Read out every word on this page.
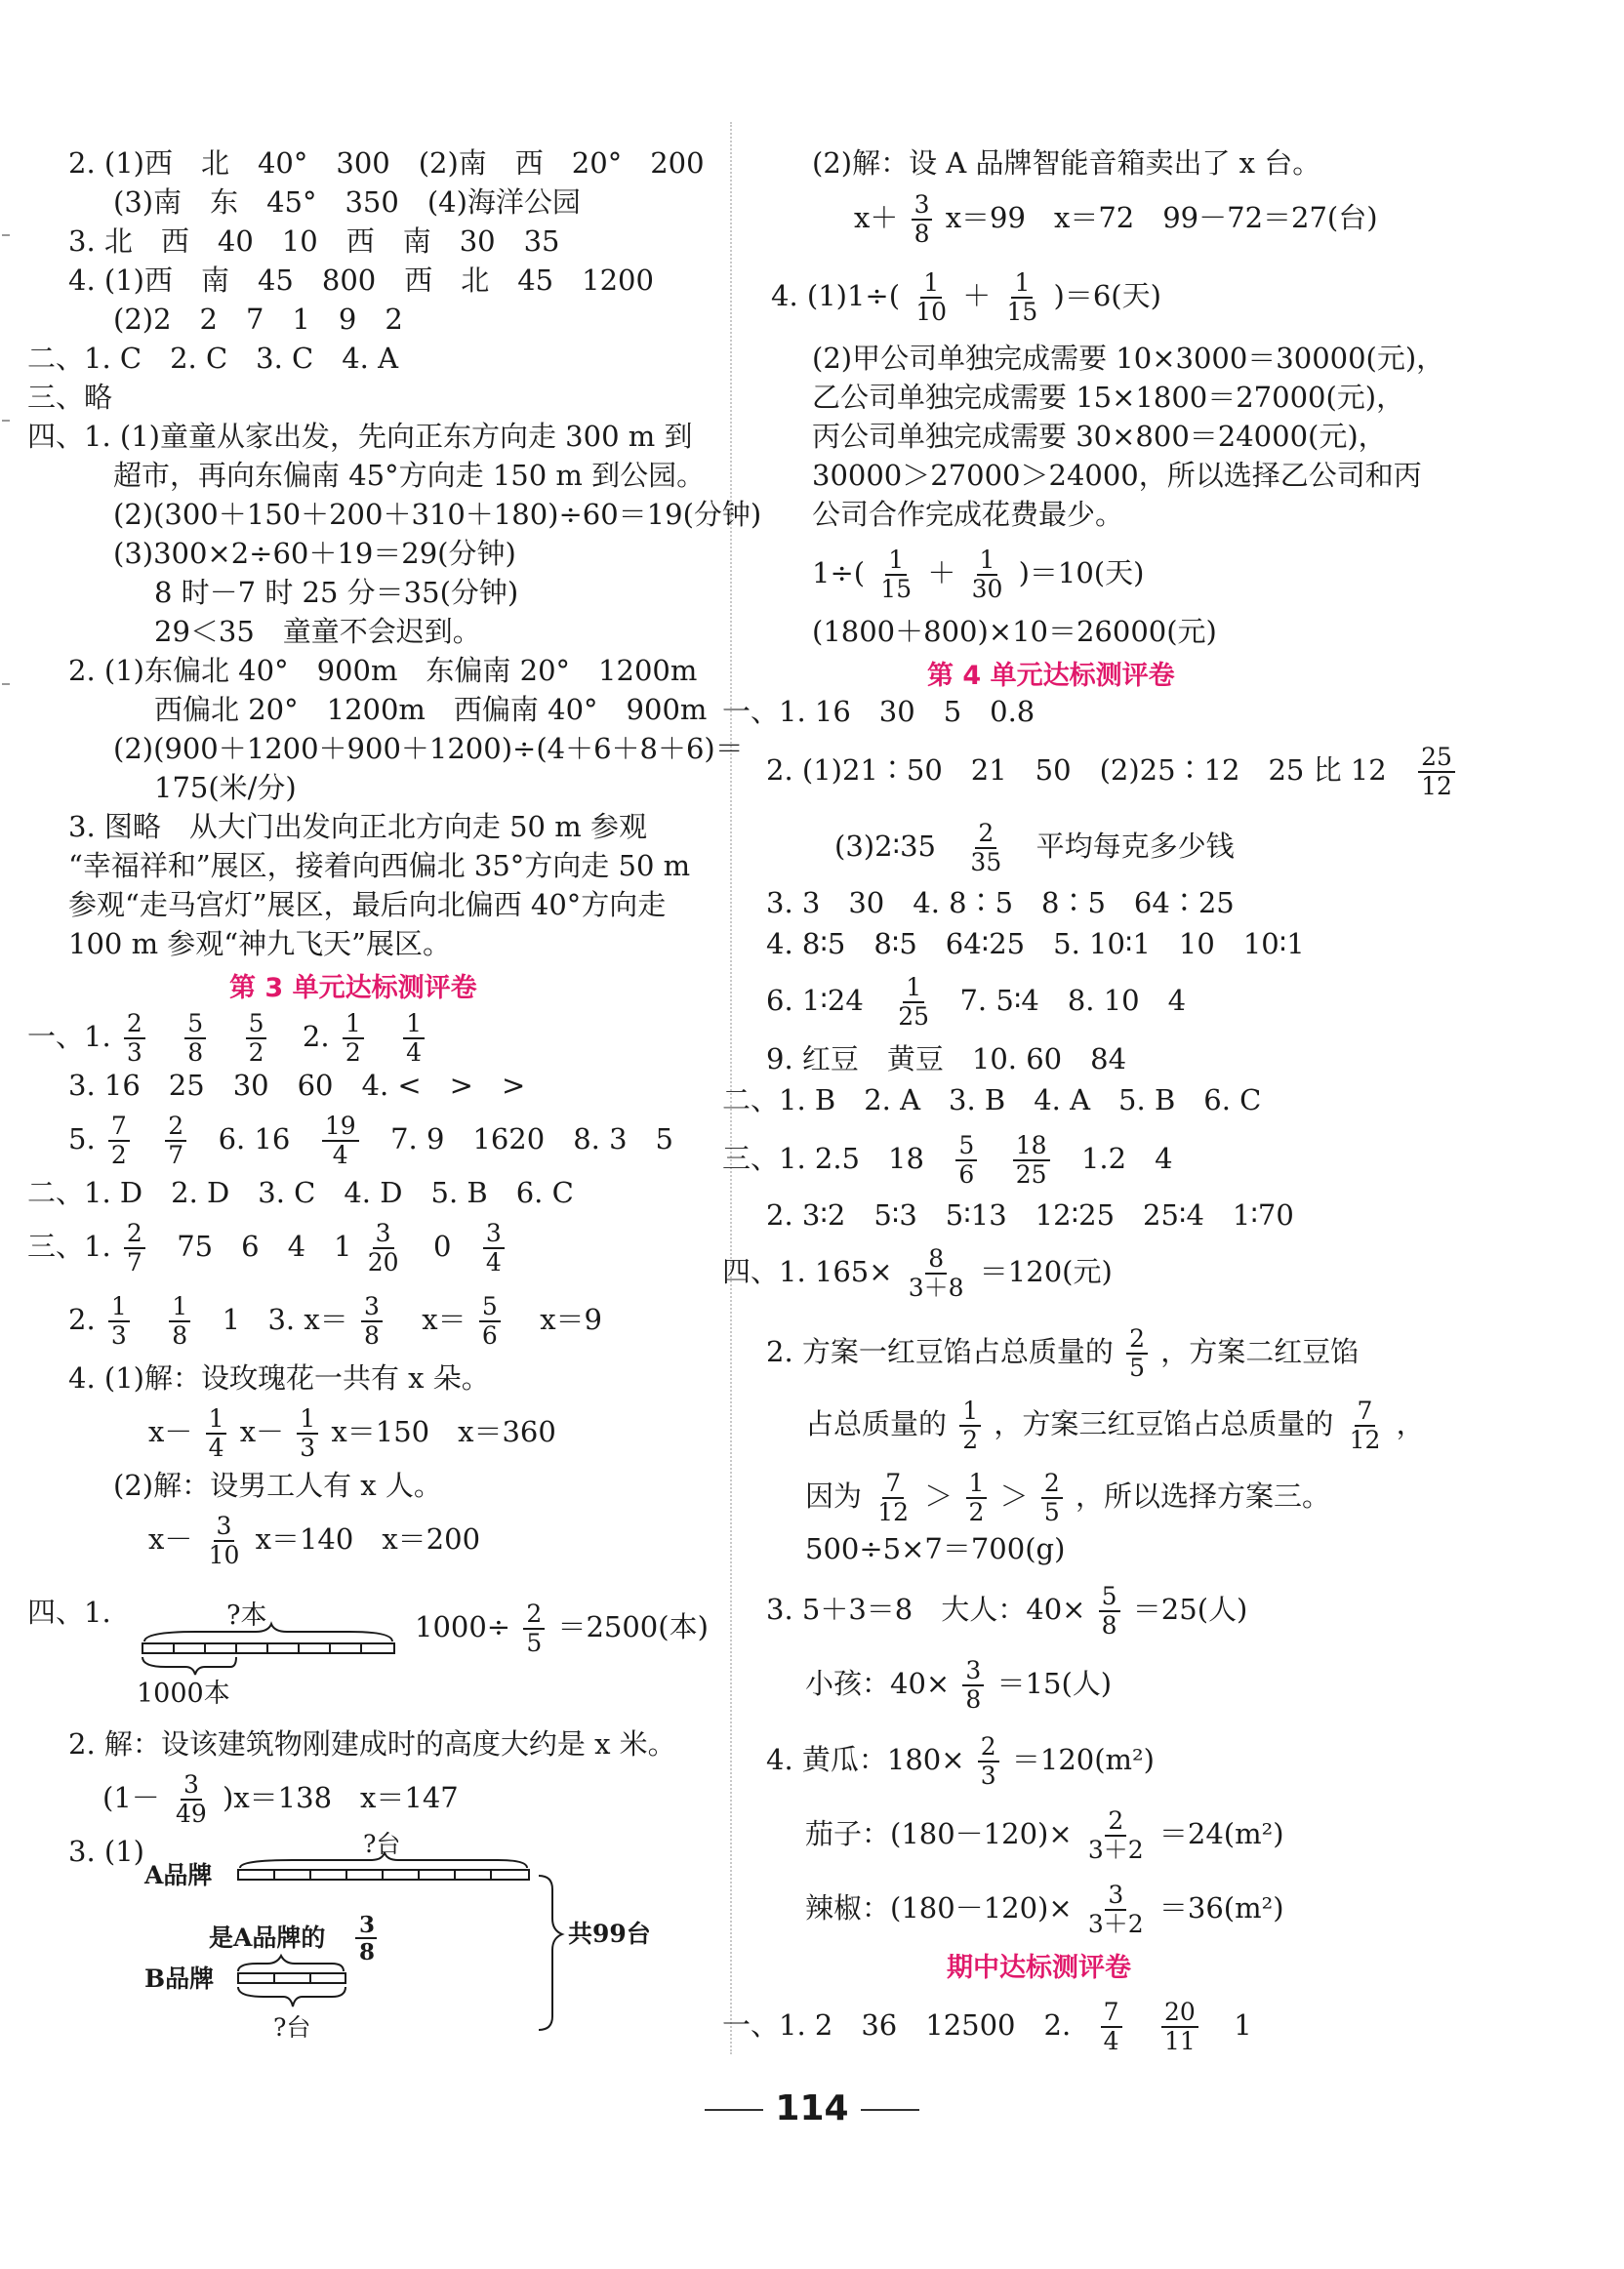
2. (1)西　北　40°　300　(2)南　西　20°　200
(3)南　东　45°　350　(4)海洋公园
3. 北　西　40　10　西　南　30　35
4. (1)西　南　45　800　西　北　45　1200
(2)2　2　7　1　9　2
二、1. C　2. C　3. C　4. A
三、略
四、1. (1)童童从家出发，先向正东方向走 300 m 到
超市，再向东偏南 45°方向走 150 m 到公园。
(2)(300＋150＋200＋310＋180)÷60＝19(分钟)
(3)300×2÷60＋19＝29(分钟)
8 时－7 时 25 分＝35(分钟)
29＜35　童童不会迟到。
2. (1)东偏北 40°　900m　东偏南 20°　1200m
西偏北 20°　1200m　西偏南 40°　900m
(2)(900＋1200＋900＋1200)÷(4＋6＋8＋6)＝
175(米/分)
3. 图略　从大门出发向正北方向走 50 m 参观
“幸福祥和”展区，接着向西偏北 35°方向走 50 m
参观“走马宫灯”展区，最后向北偏西 40°方向走
100 m 参观“神九飞天”展区。
第 3 单元达标测评卷
一、1. $\frac{2}{3}$
$\frac{5}{8}$
$\frac{5}{2} 2$. $\frac{1}{2}$
$\frac{1}{4}$
3. 16　25　30　60　4. <　>　>
5. $\frac{7}{2}$
$\frac{2}{7} 6$. $16 \frac{19}{4} 7$. 9　1620　8. 3　5
二、1. D　2. D　3. C　4. D　5. B　6. C
三、1. $\frac{2}{7} 75$　6　4　$1 \frac{3}{20} 0 \frac{3}{4}$
2. $\frac{1}{3}$
$\frac{1}{8} 1$ 3. $x= \frac{3}{8} x= \frac{5}{6} x=9$
4. (1)解：设玫瑰花一共有 x 朵。
$x- \frac{1}{4} x- \frac{1}{3} x=150$　x＝360
(2)解：设男工人有 x 人。
$x- \frac{3}{10} x=140$　x＝200
四、1.	?本
1000本
$1000\div \frac{2}{5} =2500$(本)
2. 解：设该建筑物刚建成时的高度大约是 x 米。
$(1- \frac{3}{49} )x=138$　x＝147
3. (1)	?台
A品牌
是A品牌的 3
8
B品牌
?台
共99台
(2)解：设 A 品牌智能音箱卖出了 x 台。
$x+ \frac{3}{8} x=99$　x＝72　99－72＝27(台)
4. $(1)1\div( \frac{1}{10} + \frac{1}{15} )=6$(天)
(2)甲公司单独完成需要 10×3000＝30000(元)，
乙公司单独完成需要 15×1800＝27000(元)，
丙公司单独完成需要 30×800＝24000(元)，
30000＞27000＞24000，所以选择乙公司和丙
公司合作完成花费最少。
$1\div( \frac{1}{15} + \frac{1}{30} )=10$(天)
(1800＋800)×10＝26000(元)
第 4 单元达标测评卷
一、1. 16　30　5　0.8
2. (1)21∶50　21　50　(2)25∶12　25 比 $12 \frac{25}{12}$
(3)2∶35 $\frac{2}{35}$ 平均每克多少钱
3. 3　30　4. 8∶5　8∶5　64∶25
4. 8∶5　8∶5　64∶25　5. 10∶1　10　10∶1
6. 1∶24 $\frac{1}{25} 7$. 5∶4　8. 10　4
9. 红豆　黄豆　10. 60　84
二、1. B　2. A　3. B　4. A　5. B　6. C
三、1. 2.5　$18 \frac{5}{6}$
$\frac{18}{25} 1.2$　4
2. 3∶2　5∶3　5∶13　12∶25　25∶4　1∶70
四、1. $165\times \frac{8}{3+8} =120$(元)
2. 方案一红豆馅占总质量的 $\frac{2}{5}$ ，方案二红豆馅
占总质量的 $\frac{1}{2}$ ，方案三红豆馅占总质量的 $\frac{7}{12}$ ，
因为 $\frac{7}{12} > \frac{1}{2} > \frac{2}{5}$ ，所以选择方案三。
500÷5×7＝700(g)
3. 5＋3＝8　大人：$40\times \frac{5}{8} =25$(人)
小孩：$40\times \frac{3}{8} =15$(人)
4. 黄瓜：$180\times \frac{2}{3} =120(m^2)$
茄子：$(180-120)\times \frac{2}{3+2} =24(m^2)$
辣椒：$(180-120)\times \frac{3}{3+2} =36(m^2)$
期中达标测评卷
一、1. 2　36　12500　2. $\frac{7}{4}$
$\frac{20}{11} 1$
114
